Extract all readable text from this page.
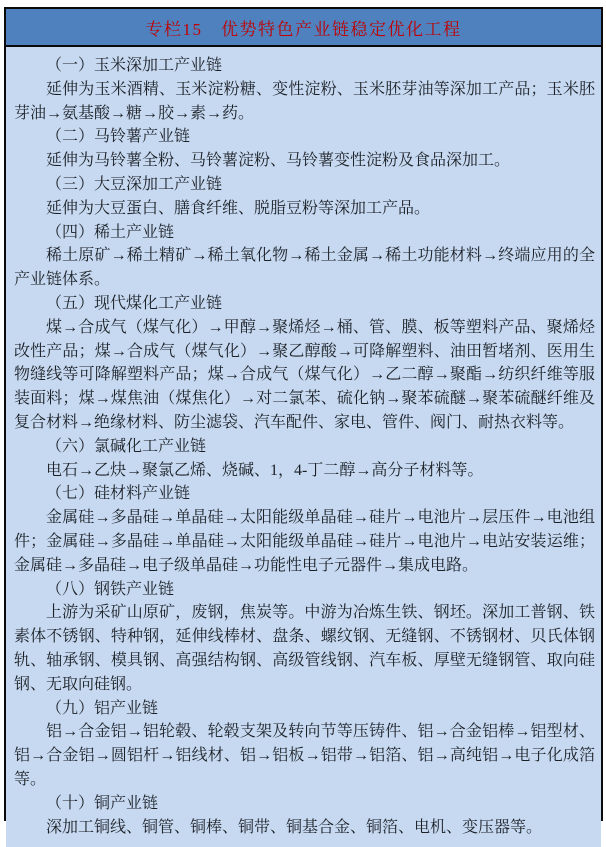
专栏15　优势特色产业链稳定优化工程

（一）玉米深加工产业链

延伸为玉米酒精、玉米淀粉糖、变性淀粉、玉米胚芽油等深加工产品；玉米胚芽油→氨基酸→糖→胶→素→药。

（二）马铃薯产业链

延伸为马铃薯全粉、马铃薯淀粉、马铃薯变性淀粉及食品深加工。

（三）大豆深加工产业链

延伸为大豆蛋白、膳食纤维、脱脂豆粉等深加工产品。

（四）稀土产业链

稀土原矿→稀土精矿→稀土氧化物→稀土金属→稀土功能材料→终端应用的全产业链体系。

（五）现代煤化工产业链

煤→合成气（煤气化）→甲醇→聚烯烃→桶、管、膜、板等塑料产品、聚烯烃改性产品；煤→合成气（煤气化）→聚乙醇酸→可降解塑料、油田暂堵剂、医用生物缝线等可降解塑料产品；煤→合成气（煤气化）→乙二醇→聚酯→纺织纤维等服装面料；煤→煤焦油（煤焦化）→对二氯苯、硫化钠→聚苯硫醚→聚苯硫醚纤维及复合材料→绝缘材料、防尘滤袋、汽车配件、家电、管件、阀门、耐热衣料等。

（六）氯碱化工产业链

电石→乙炔→聚氯乙烯、烧碱、1，4-丁二醇→高分子材料等。

（七）硅材料产业链

金属硅→多晶硅→单晶硅→太阳能级单晶硅→硅片→电池片→层压件→电池组件；金属硅→多晶硅→单晶硅→太阳能级单晶硅→硅片→电池片→电站安装运维；金属硅→多晶硅→电子级单晶硅→功能性电子元器件→集成电路。

（八）钢铁产业链

上游为采矿山原矿，废钢，焦炭等。中游为冶炼生铁、钢坯。深加工普钢、铁素体不锈钢、特种钢，延伸线棒材、盘条、螺纹钢、无缝钢、不锈钢材、贝氏体钢轨、轴承钢、模具钢、高强结构钢、高级管线钢、汽车板、厚壁无缝钢管、取向硅钢、无取向硅钢。

（九）铝产业链

铝→合金铝→铝轮毂、轮毂支架及转向节等压铸件、铝→合金铝棒→铝型材、铝→合金铝→圆铝杆→铝线材、铝→铝板→铝带→铝箔、铝→高纯铝→电子化成箔等。

（十）铜产业链

深加工铜线、铜管、铜棒、铜带、铜基合金、铜箔、电机、变压器等。
